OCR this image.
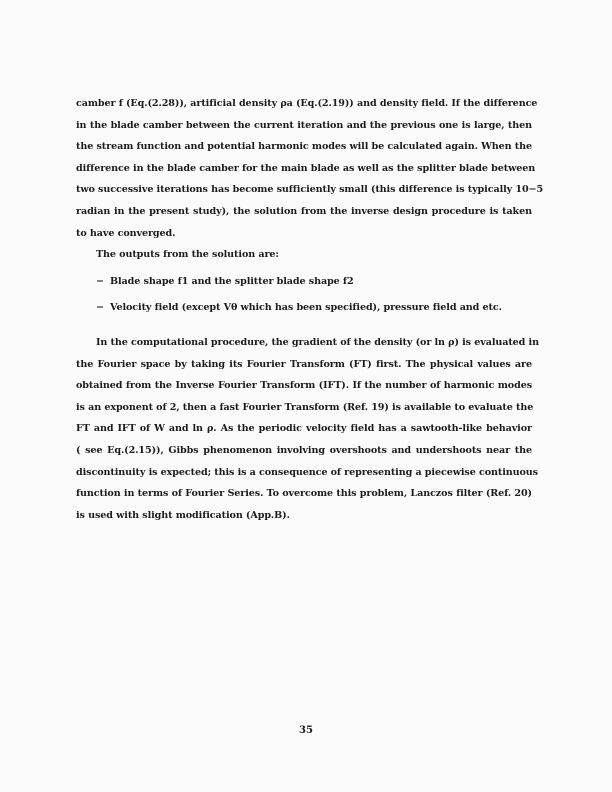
camber f (Eq.(2.28)), artificial density ρa (Eq.(2.19)) and density field. If the difference
in the blade camber between the current iteration and the previous one is large, then
the stream function and potential harmonic modes will be calculated again. When the
difference in the blade camber for the main blade as well as the splitter blade between
two successive iterations has become sufficiently small (this difference is typically 10−5
radian in the present study), the solution from the inverse design procedure is taken
to have converged.
The outputs from the solution are:
− Blade shape f1 and the splitter blade shape f2
− Velocity field (except Vθ which has been specified), pressure field and etc.
In the computational procedure, the gradient of the density (or ln ρ) is evaluated in
the Fourier space by taking its Fourier Transform (FT) first. The physical values are
obtained from the Inverse Fourier Transform (IFT). If the number of harmonic modes
is an exponent of 2, then a fast Fourier Transform (Ref. 19) is available to evaluate the
FT and IFT of W and ln ρ. As the periodic velocity field has a sawtooth-like behavior
( see Eq.(2.15)), Gibbs phenomenon involving overshoots and undershoots near the
discontinuity is expected; this is a consequence of representing a piecewise continuous
function in terms of Fourier Series. To overcome this problem, Lanczos filter (Ref. 20)
is used with slight modification (App.B).
35
